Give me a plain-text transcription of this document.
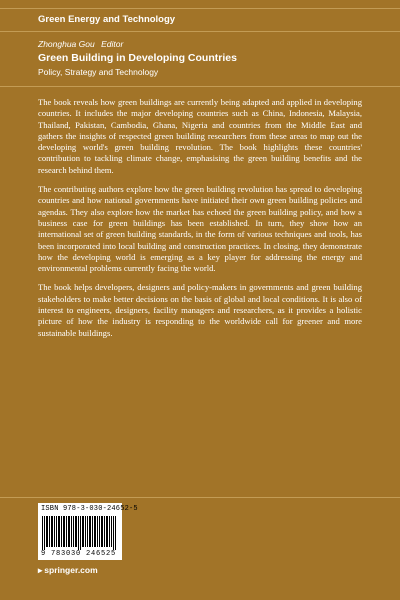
Green Energy and Technology
Zhonghua Gou Editor
Green Building in Developing Countries
Policy, Strategy and Technology

The book reveals how green buildings are currently being adapted and applied in developing countries. It includes the major developing countries such as China, Indonesia, Malaysia, Thailand, Pakistan, Cambodia, Ghana, Nigeria and countries from the Middle East and gathers the insights of respected green building researchers from these areas to map out the developing world's green building revolution. The book highlights these countries' contribution to tackling climate change, emphasising the green building benefits and the research behind them.

The contributing authors explore how the green building revolution has spread to developing countries and how national governments have initiated their own green building policies and agendas. They also explore how the market has echoed the green building policy, and how a business case for green buildings has been established. In turn, they show how an international set of green building standards, in the form of various techniques and tools, has been incorporated into local building and construction practices. In closing, they demonstrate how the developing world is emerging as a key player for addressing the energy and environmental problems currently facing the world.

The book helps developers, designers and policy-makers in governments and green building stakeholders to make better decisions on the basis of global and local conditions. It is also of interest to engineers, designers, facility managers and researchers, as it provides a holistic picture of how the industry is responding to the worldwide call for greener and more sustainable buildings.

ISBN 978-3-030-24652-5
9 783030 246525
▸ springer.com
